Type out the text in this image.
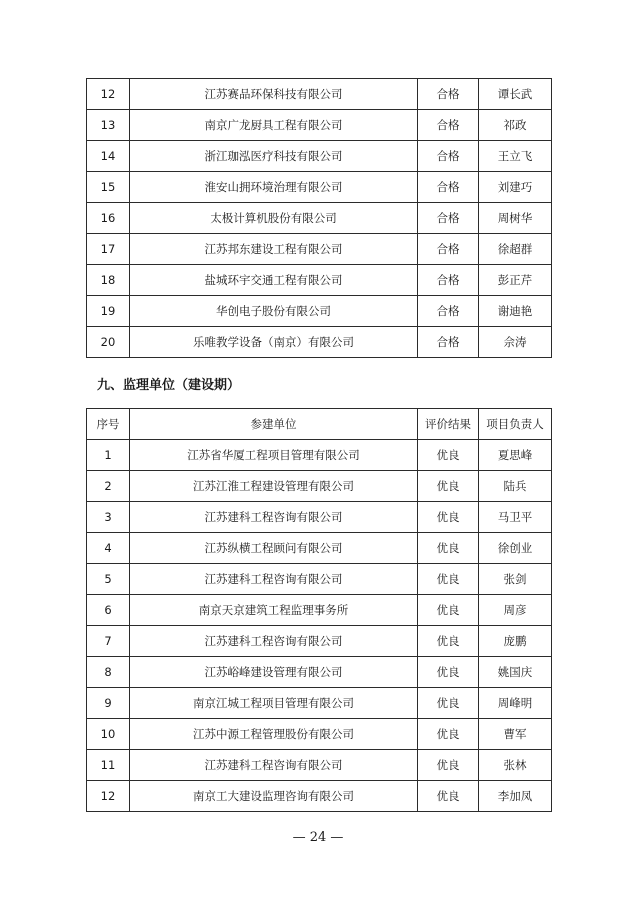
12	江苏赛品环保科技有限公司	合格	谭长武
13	南京广龙厨具工程有限公司	合格	祁政
14	浙江珈泓医疗科技有限公司	合格	王立飞
15	淮安山拥环境治理有限公司	合格	刘建巧
16	太极计算机股份有限公司	合格	周树华
17	江苏邦东建设工程有限公司	合格	徐超群
18	盐城环宇交通工程有限公司	合格	彭正芹
19	华创电子股份有限公司	合格	谢迪艳
20	乐唯教学设备（南京）有限公司	合格	佘涛
九、监理单位（建设期）
序号	参建单位	评价结果	项目负责人
1	江苏省华厦工程项目管理有限公司	优良	夏思峰
2	江苏江淮工程建设管理有限公司	优良	陆兵
3	江苏建科工程咨询有限公司	优良	马卫平
4	江苏纵横工程顾问有限公司	优良	徐创业
5	江苏建科工程咨询有限公司	优良	张剑
6	南京天京建筑工程监理事务所	优良	周彦
7	江苏建科工程咨询有限公司	优良	庞鹏
8	江苏峪峰建设管理有限公司	优良	姚国庆
9	南京江城工程项目管理有限公司	优良	周峰明
10	江苏中源工程管理股份有限公司	优良	曹军
11	江苏建科工程咨询有限公司	优良	张林
12	南京工大建设监理咨询有限公司	优良	李加凤
— 24 —
